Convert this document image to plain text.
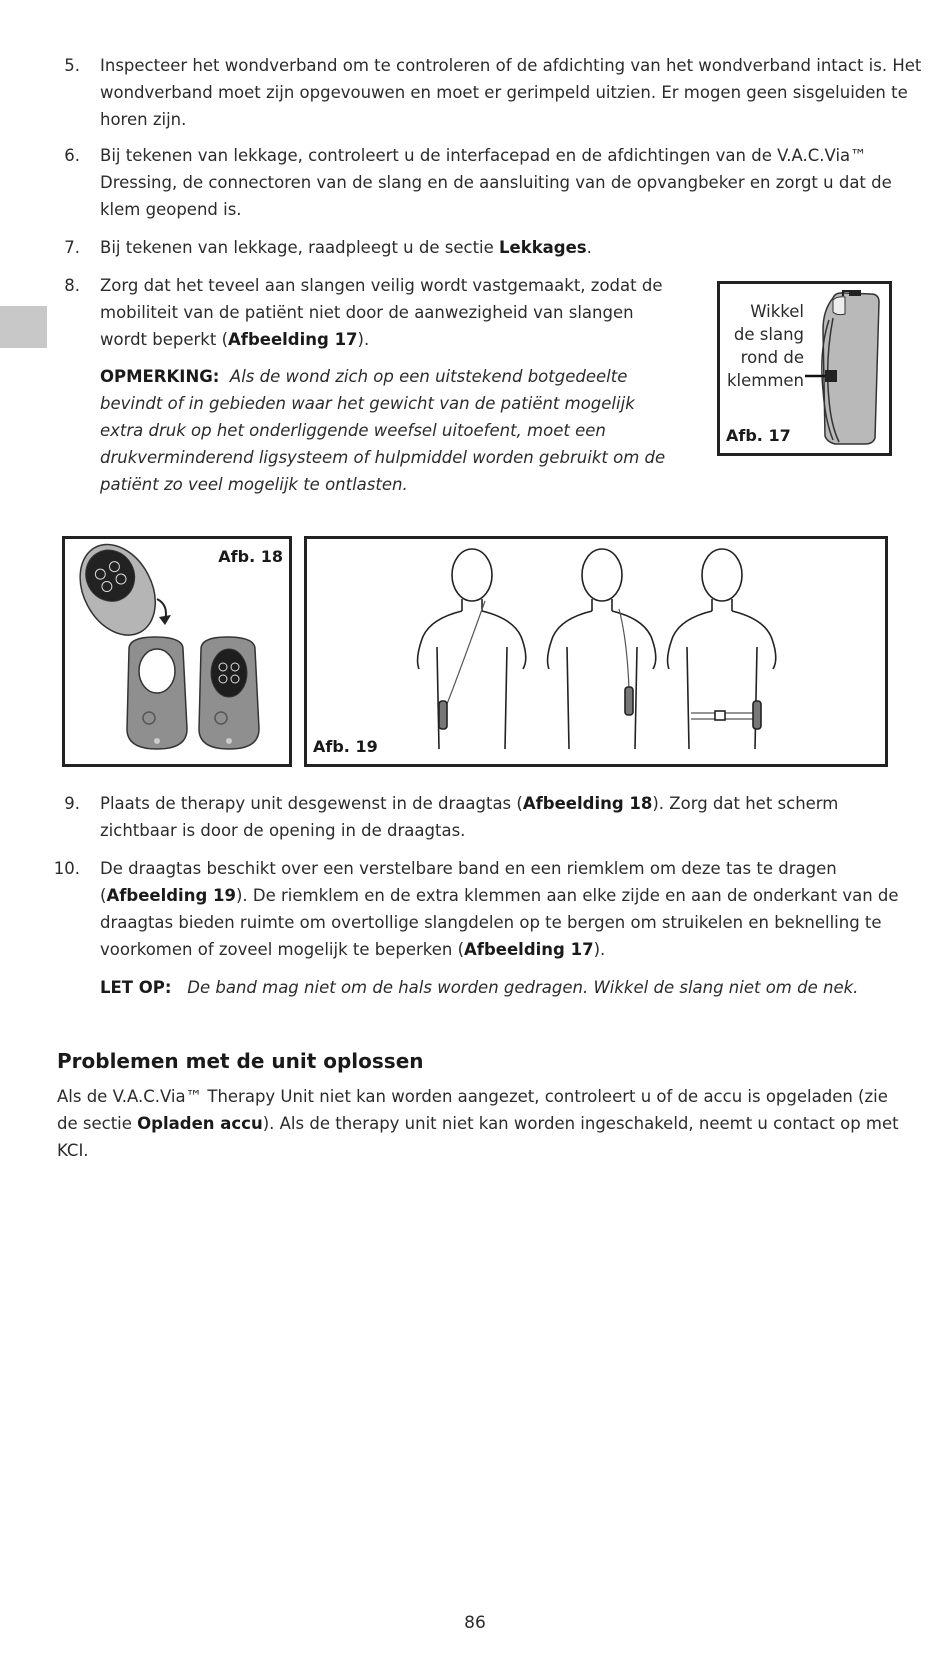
5. Inspecteer het wondverband om te controleren of de afdichting van het wondverband intact is. Het wondverband moet zijn opgevouwen en moet er gerimpeld uitzien. Er mogen geen sisgeluiden te horen zijn.
6. Bij tekenen van lekkage, controleert u de interfacepad en de afdichtingen van de V.A.C.Via™ Dressing, de connectoren van de slang en de aansluiting van de opvangbeker en zorgt u dat de klem geopend is.
7. Bij tekenen van lekkage, raadpleegt u de sectie Lekkages.
8. Zorg dat het teveel aan slangen veilig wordt vastgemaakt, zodat de mobiliteit van de patiënt niet door de aanwezigheid van slangen wordt beperkt (Afbeelding 17).
OPMERKING: Als de wond zich op een uitstekend botgedeelte bevindt of in gebieden waar het gewicht van de patiënt mogelijk extra druk op het onderliggende weefsel uitoefent, moet een drukverminderend ligsysteem of hulpmiddel worden gebruikt om de patiënt zo veel mogelijk te ontlasten.
Wikkel
de slang
rond de
klemmen
Afb. 17
Afb. 18
Afb. 19
9. Plaats de therapy unit desgewenst in de draagtas (Afbeelding 18). Zorg dat het scherm zichtbaar is door de opening in de draagtas.
10. De draagtas beschikt over een verstelbare band en een riemklem om deze tas te dragen (Afbeelding 19). De riemklem en de extra klemmen aan elke zijde en aan de onderkant van de draagtas bieden ruimte om overtollige slangdelen op te bergen om struikelen en beknelling te voorkomen of zoveel mogelijk te beperken (Afbeelding 17).
LET OP: De band mag niet om de hals worden gedragen. Wikkel de slang niet om de nek.
Problemen met de unit oplossen
Als de V.A.C.Via™ Therapy Unit niet kan worden aangezet, controleert u of de accu is opgeladen (zie de sectie Opladen accu). Als de therapy unit niet kan worden ingeschakeld, neemt u contact op met KCI.
86
